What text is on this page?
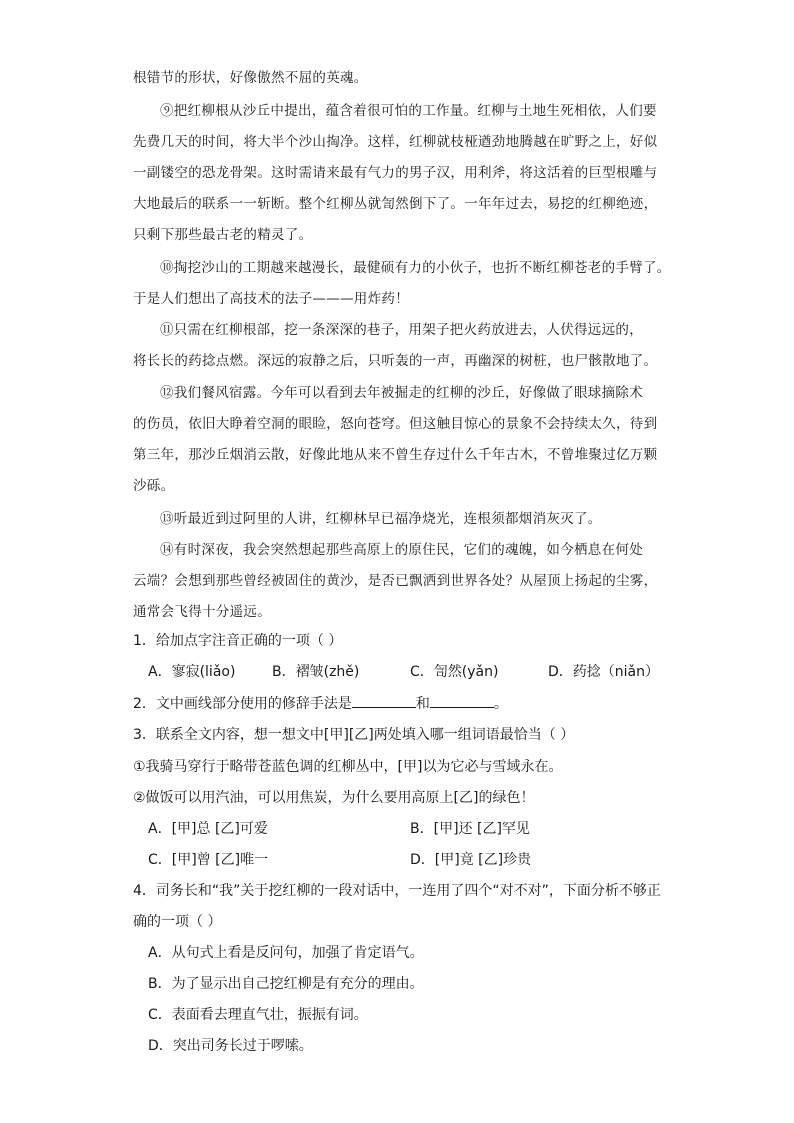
根错节的形状，好像傲然不屈的英魂。
⑨把红柳根从沙丘中提出，蕴含着很可怕的工作量。红柳与土地生死相依，人们要
先费几天的时间，将大半个沙山掏净。这样，红柳就枝桠遒劲地腾越在旷野之上，好似
一副镂空的恐龙骨架。这时需请来最有气力的男子汉，用利斧，将这活着的巨型根雕与
大地最后的联系一一斩断。整个红柳丛就訇然倒下了。一年年过去，易挖的红柳绝迹，
只剩下那些最古老的精灵了。
⑩掏挖沙山的工期越来越漫长，最健硕有力的小伙子，也折不断红柳苍老的手臂了。
于是人们想出了高技术的法子———用炸药！
⑪只需在红柳根部，挖一条深深的巷子，用架子把火药放进去，人伏得远远的，
将长长的药捻点燃。深远的寂静之后，只听轰的一声，再幽深的树桩，也尸骸散地了。
⑫我们餐风宿露。今年可以看到去年被掘走的红柳的沙丘，好像做了眼球摘除术
的伤员，依旧大睁着空洞的眼睑，怒向苍穹。但这触目惊心的景象不会持续太久，待到
第三年，那沙丘烟消云散，好像此地从来不曾生存过什么千年古木，不曾堆聚过亿万颗
沙砾。
⑬听最近到过阿里的人讲，红柳林早已福净烧光，连根须都烟消灰灭了。
⑭有时深夜，我会突然想起那些高原上的原住民，它们的魂魄，如今栖息在何处
云端？会想到那些曾经被固住的黄沙，是否已飘洒到世界各处？从屋顶上扬起的尘雾，
通常会飞得十分遥远。
1．给加点字注音正确的一项（ ）
A．寥寂(liǎo)	B．褶皱(zhě)	C．訇然(yǎn)	D．药捻（niǎn）
2．文中画线部分使用的修辞手法是	和	。
3．联系全文内容，想一想文中[甲][乙]两处填入哪一组词语最恰当（ ）
①我骑马穿行于略带苍蓝色调的红柳丛中，[甲]以为它必与雪域永在。
②做饭可以用汽油，可以用焦炭，为什么要用高原上[乙]的绿色！
A．[甲]总 [乙]可爱	B．[甲]还 [乙]罕见
C．[甲]曾 [乙]唯一	D．[甲]竟 [乙]珍贵
4．司务长和“我”关于挖红柳的一段对话中，一连用了四个“对不对”，下面分析不够正
确的一项（ ）
A．从句式上看是反问句，加强了肯定语气。
B．为了显示出自己挖红柳是有充分的理由。
C．表面看去理直气壮，振振有词。
D．突出司务长过于啰嗦。
